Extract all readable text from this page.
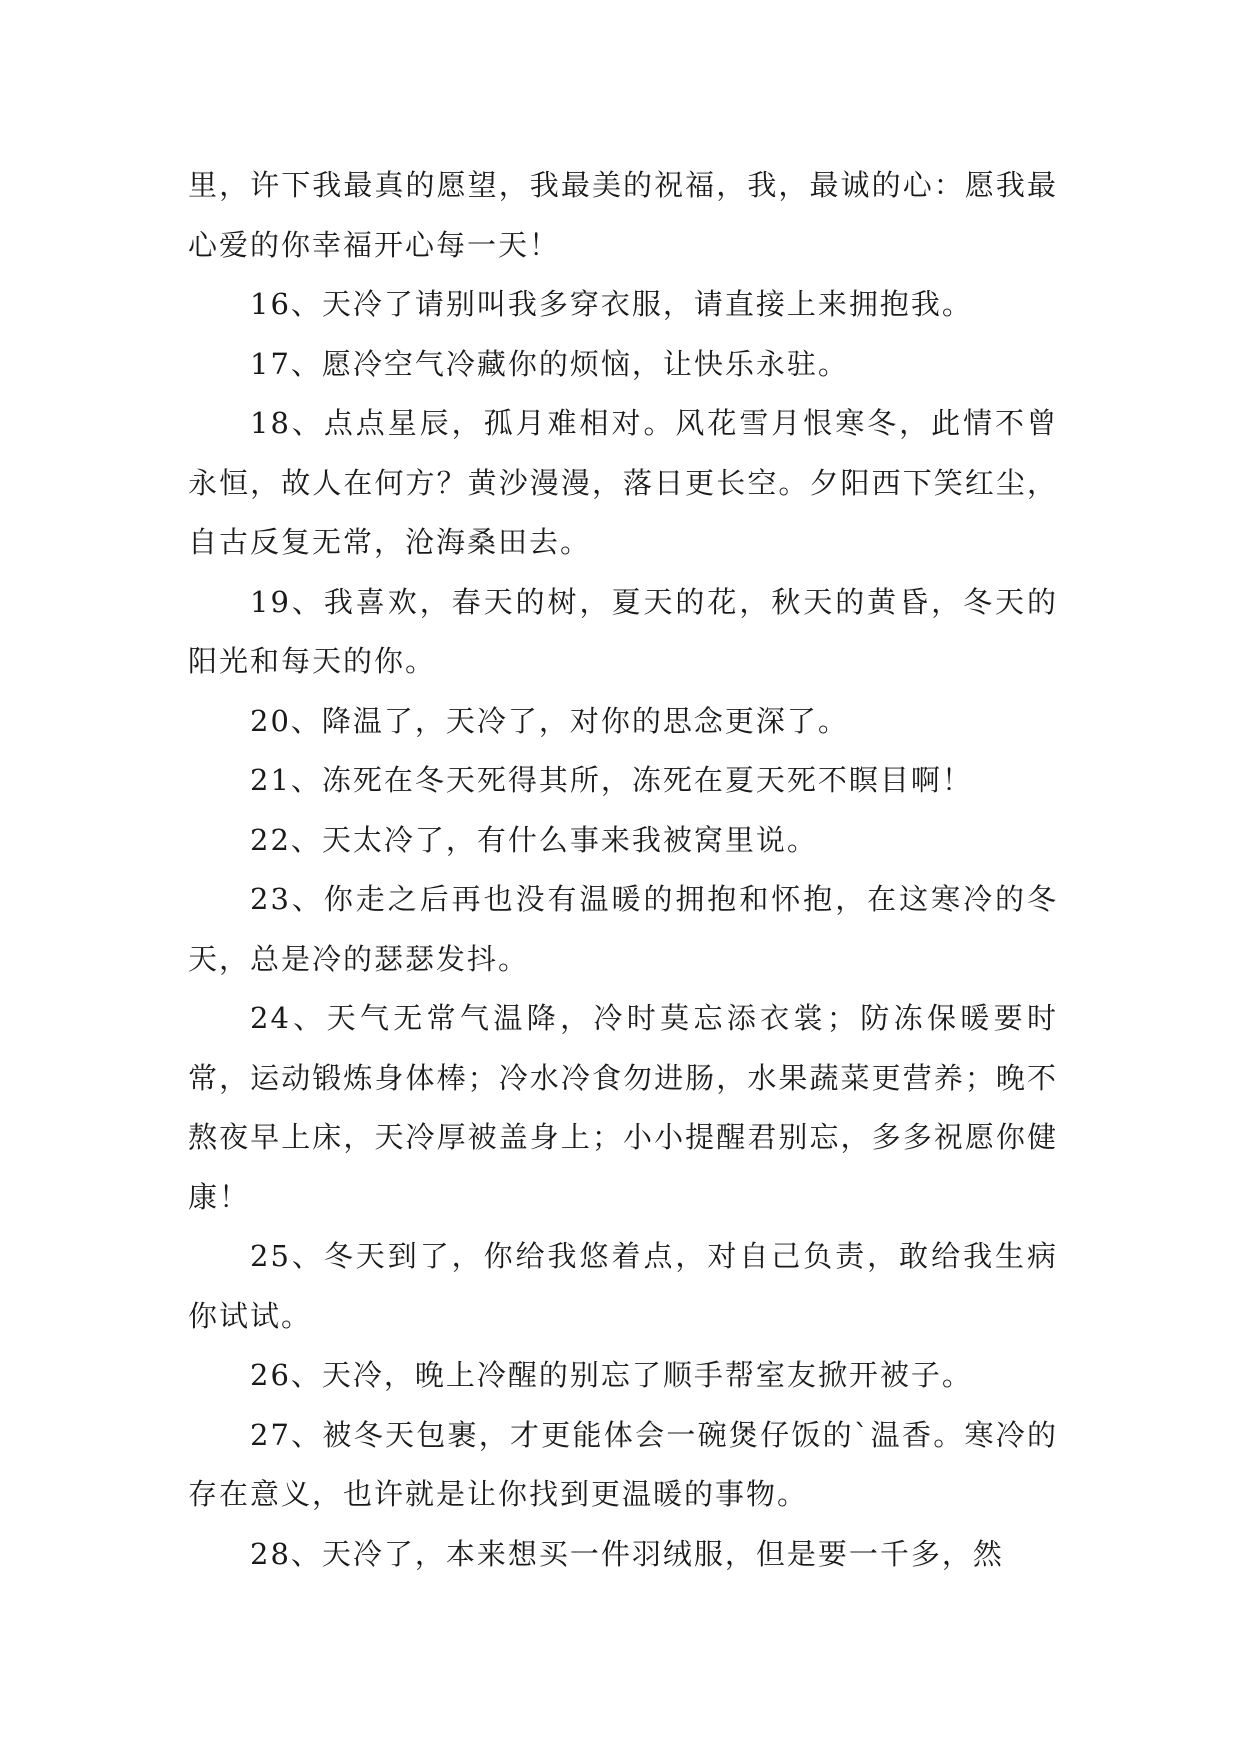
里，许下我最真的愿望，我最美的祝福，我，最诚的心：愿我最心爱的你幸福开心每一天！

16、天冷了请别叫我多穿衣服，请直接上来拥抱我。

17、愿冷空气冷藏你的烦恼，让快乐永驻。

18、点点星辰，孤月难相对。风花雪月恨寒冬，此情不曾永恒，故人在何方？黄沙漫漫，落日更长空。夕阳西下笑红尘，自古反复无常，沧海桑田去。

19、我喜欢，春天的树，夏天的花，秋天的黄昏，冬天的阳光和每天的你。

20、降温了，天冷了，对你的思念更深了。

21、冻死在冬天死得其所，冻死在夏天死不瞑目啊！

22、天太冷了，有什么事来我被窝里说。

23、你走之后再也没有温暖的拥抱和怀抱，在这寒冷的冬天，总是冷的瑟瑟发抖。

24、天气无常气温降，冷时莫忘添衣裳；防冻保暖要时常，运动锻炼身体棒；冷水冷食勿进肠，水果蔬菜更营养；晚不熬夜早上床，天冷厚被盖身上；小小提醒君别忘，多多祝愿你健康！

25、冬天到了，你给我悠着点，对自己负责，敢给我生病你试试。

26、天冷，晚上冷醒的别忘了顺手帮室友掀开被子。

27、被冬天包裹，才更能体会一碗煲仔饭的`温香。寒冷的存在意义，也许就是让你找到更温暖的事物。

28、天冷了，本来想买一件羽绒服，但是要一千多，然
